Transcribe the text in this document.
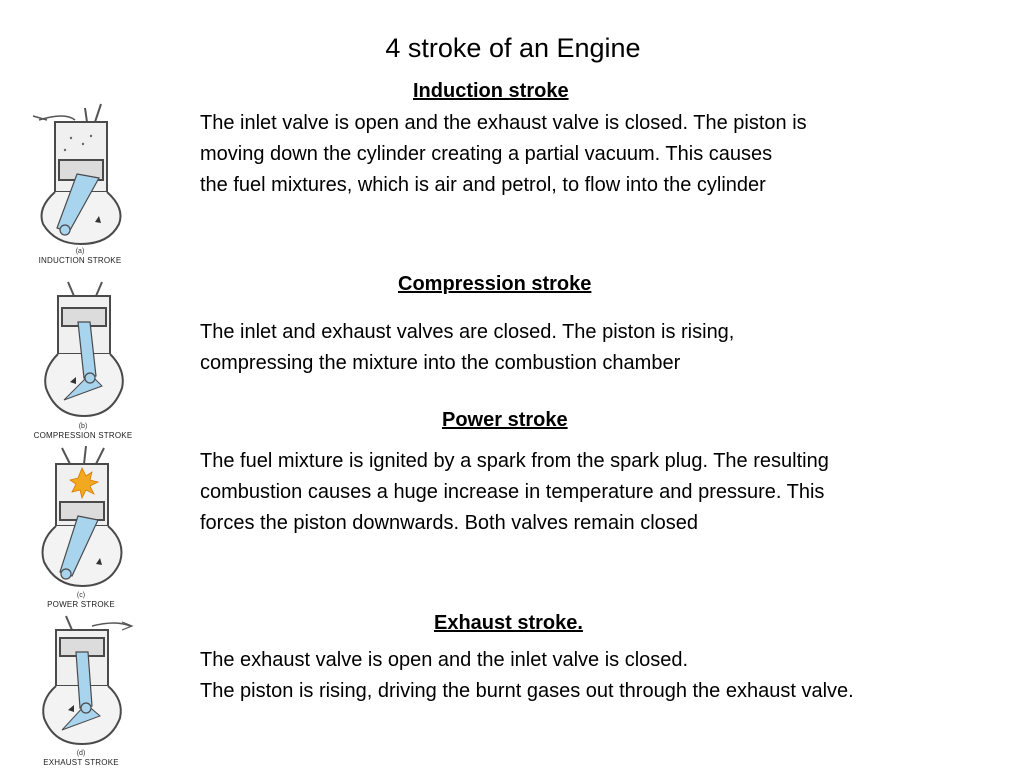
4 stroke of an Engine
Induction stroke
The inlet valve is open and the exhaust valve is closed. The piston is
moving down the cylinder creating a partial vacuum. This causes
the fuel mixtures, which is air and petrol, to flow into the cylinder
Compression stroke
The inlet and exhaust valves are closed. The piston is rising,
compressing the mixture into the combustion chamber
Power stroke
The fuel mixture is ignited by a spark from the spark plug. The resulting
combustion causes a huge increase in temperature and pressure. This
forces the piston downwards. Both valves remain closed
Exhaust stroke.
The exhaust valve is open and the inlet valve is closed.
The piston is rising, driving the burnt gases out through the exhaust valve.
(a)
INDUCTION STROKE
(b)
COMPRESSION STROKE
(c)
POWER STROKE
(d)
EXHAUST STROKE
